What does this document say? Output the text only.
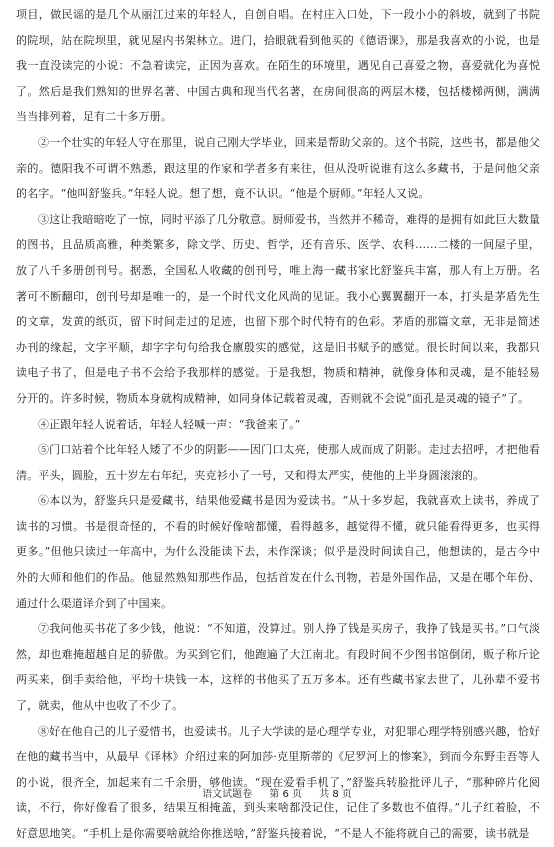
项目，做民谣的是几个从丽江过来的年轻人，自创自唱。在村庄入口处，下一段小小的斜坡，就到了书院的院坝，站在院坝里，就见屋内书架林立。进门，拾眼就看到他买的《德语课》，那是我喜欢的小说，也是我一直没读完的小说：不急着读完，正因为喜欢。在陌生的环境里，遇见自己喜爱之物，喜爱就化为喜悦了。然后是我们熟知的世界名著、中国古典和现当代名著，在房间很高的两层木楼，包括楼梯两侧，满满当当排列着，足有二十多万册。

②一个壮实的年轻人守在那里，说自己刚大学毕业，回来是帮助父亲的。这个书院，这些书，都是他父亲的。德阳我不可谓不熟悉，跟这里的作家和学者多有来往，但从没听说谁有这么多藏书，于是问他父亲的名字。“他叫舒鉴兵。”年轻人说。想了想，竟不认识。“他是个厨师。”年轻人又说。

③这让我暗暗吃了一惊，同时平添了几分敬意。厨师爱书，当然并不稀奇，难得的是拥有如此巨大数量的图书，且品质高雅，种类繁多，除文学、历史、哲学，还有音乐、医学、农科……二楼的一间屋子里，放了八千多册创刊号。据悉，全国私人收藏的创刊号，唯上海一藏书家比舒鉴兵丰富，那人有上万册。名著可不断翻印，创刊号却是唯一的，是一个时代文化风尚的见证。我小心翼翼翻开一本，打头是茅盾先生的文章，发黄的纸页，留下时间走过的足迹，也留下那个时代特有的色彩。茅盾的那篇文章，无非是简述办刊的缘起，文字平顺，却字字句句给我仓廪殷实的感觉，这是旧书赋予的感觉。很长时间以来，我都只读电子书了，但是电子书不会给予我那样的感觉。于是我想，物质和精神，就像身体和灵魂，是不能轻易分开的。许多时候，物质本身就构成精神，如同身体记载着灵魂，否则就不会说“面孔是灵魂的镜子”了。

④正跟年轻人说着话，年轻人轻喊一声：“我爸来了。”

⑤门口站着个比年轻人矮了不少的阴影——因门口太亮，使那人成而成了阴影。走过去招呼，才把他看清。平头，圆脸，五十岁左右年纪，夹克衫小了一号，又和得太严实，使他的上半身圆滚滚的。

⑥本以为，舒鉴兵只是爱藏书，结果他爱藏书是因为爱读书。“从十多岁起，我就喜欢上读书，养成了读书的习惯。书是很奇怪的，不看的时候好像啥都懂，看得越多，越觉得不懂，就只能看得更多，也买得更多。”但他只读过一年高中，为什么没能读下去，未作深谈；似乎是没时间读自己，他想读的，是古今中外的大师和他们的作品。他显然熟知那些作品，包括首发在什么刊物，若是外国作品，又是在哪个年份、通过什么渠道译介到了中国来。

⑦我问他买书花了多少钱，他说：“不知道，没算过。别人挣了钱是买房子，我挣了钱是买书。”口气淡然，却也难掩超越自足的骄傲。为买到它们，他跑遍了大江南北。有段时间不少图书馆倒闭，贩子称斤论两买来，倒手卖给他，平均十块钱一本，这样的书他买了五万多本。还有些藏书家去世了，儿孙辈不爱书了，就卖，他从中也收了不少了。

⑧好在他自己的儿子爱惜书，也爱读书。儿子大学读的是心理学专业，对犯罪心理学特别感兴趣，恰好在他的藏书当中，从最早《译林》介绍过来的阿加莎·克里斯蒂的《尼罗河上的惨案》，到而今东野圭吾等人的小说，很齐全，加起来有二千余册，够他读。“现在爱看手机了，”舒鉴兵转脸批评儿子，“那种碎片化阅读，不行，你好像看了很多，结果互相掩盖，到头来啥都没记住，记住了多数也不值得。”儿子红着脸，不好意思地笑。“手机上是你需要啥就给你推送啥，”舒鉴兵接着说，“不是人不能将就自己的需要，读书就是

语文试题卷 第 6 页 共 8 页
